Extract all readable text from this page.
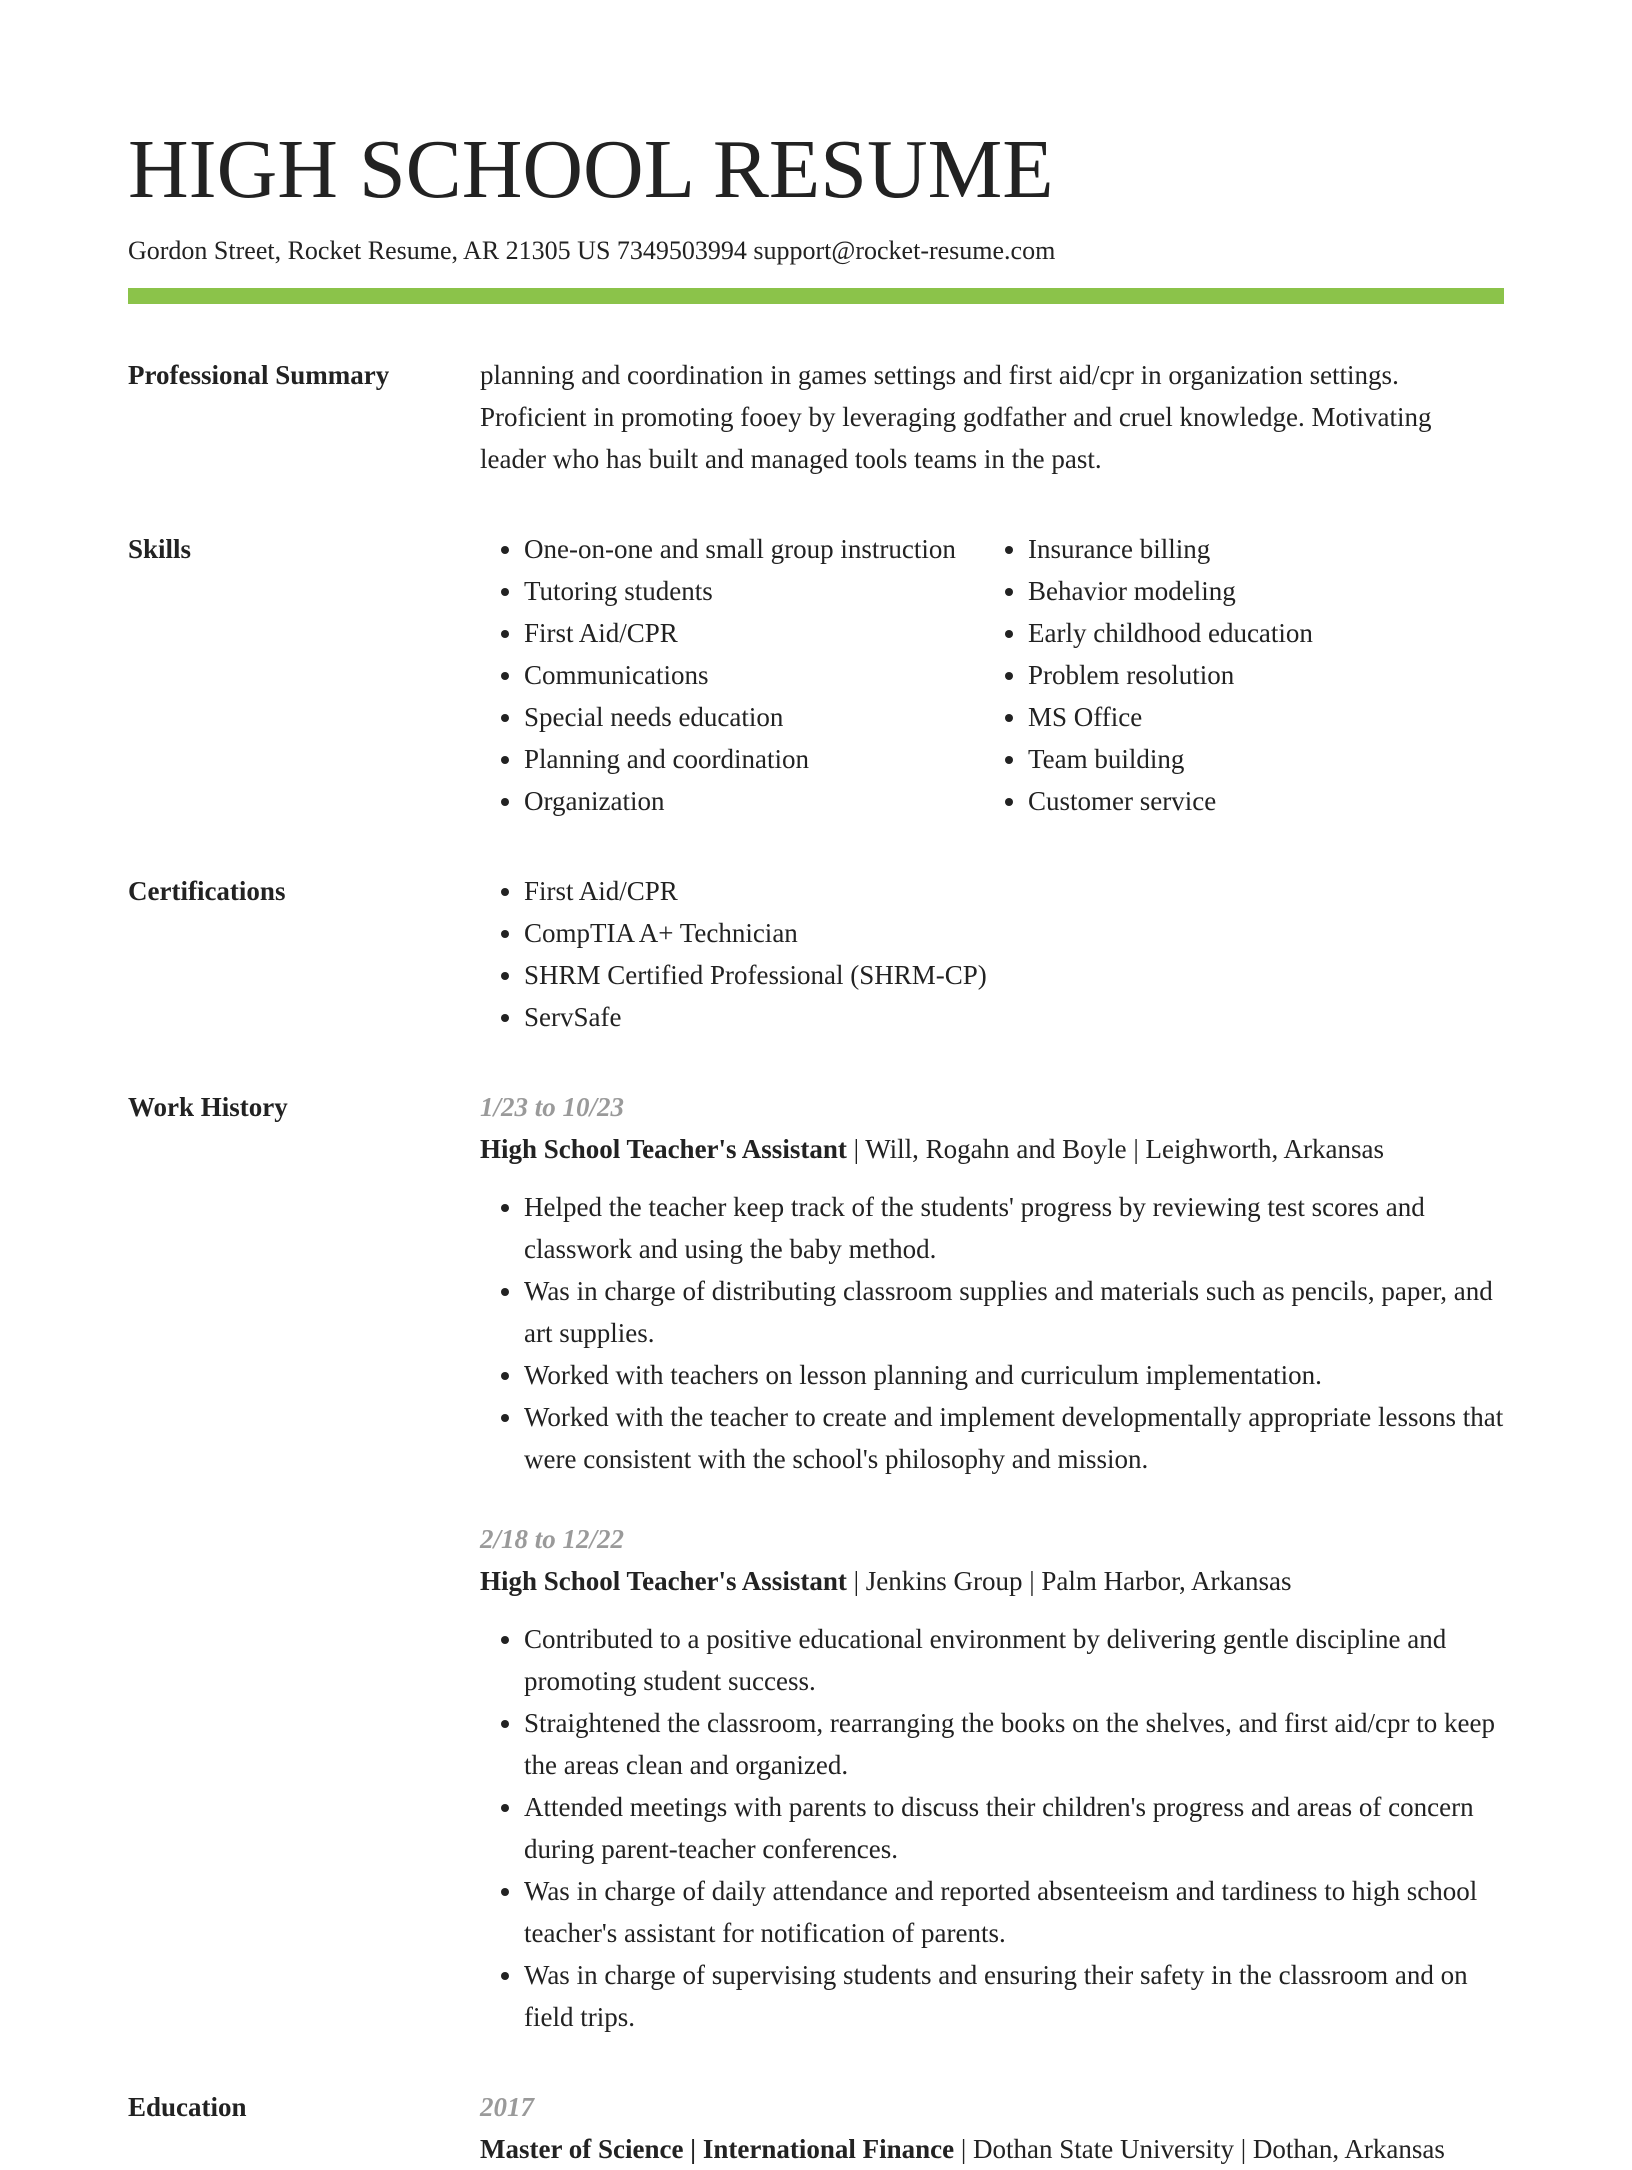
HIGH SCHOOL RESUME
Gordon Street, Rocket Resume, AR 21305 US 7349503994 support@rocket-resume.com
Professional Summary	planning and coordination in games settings and first aid/cpr in organization settings. Proficient in promoting fooey by leveraging godfather and cruel knowledge. Motivating leader who has built and managed tools teams in the past.

Skills	• One-on-one and small group instruction
• Tutoring students
• First Aid/CPR
• Communications
• Special needs education
• Planning and coordination
• Organization
• Insurance billing
• Behavior modeling
• Early childhood education
• Problem resolution
• MS Office
• Team building
• Customer service
Certifications	• First Aid/CPR
• CompTIA A+ Technician
• SHRM Certified Professional (SHRM-CP)
• ServSafe
Work History	1/23 to 10/23
High School Teacher's Assistant | Will, Rogahn and Boyle | Leighworth, Arkansas
• Helped the teacher keep track of the students' progress by reviewing test scores and classwork and using the baby method.
• Was in charge of distributing classroom supplies and materials such as pencils, paper, and art supplies.
• Worked with teachers on lesson planning and curriculum implementation.
• Worked with the teacher to create and implement developmentally appropriate lessons that were consistent with the school's philosophy and mission.
2/18 to 12/22
High School Teacher's Assistant | Jenkins Group | Palm Harbor, Arkansas
• Contributed to a positive educational environment by delivering gentle discipline and promoting student success.
• Straightened the classroom, rearranging the books on the shelves, and first aid/cpr to keep the areas clean and organized.
• Attended meetings with parents to discuss their children's progress and areas of concern during parent-teacher conferences.
• Was in charge of daily attendance and reported absenteeism and tardiness to high school teacher's assistant for notification of parents.
• Was in charge of supervising students and ensuring their safety in the classroom and on field trips.
Education	2017
Master of Science | International Finance | Dothan State University | Dothan, Arkansas
